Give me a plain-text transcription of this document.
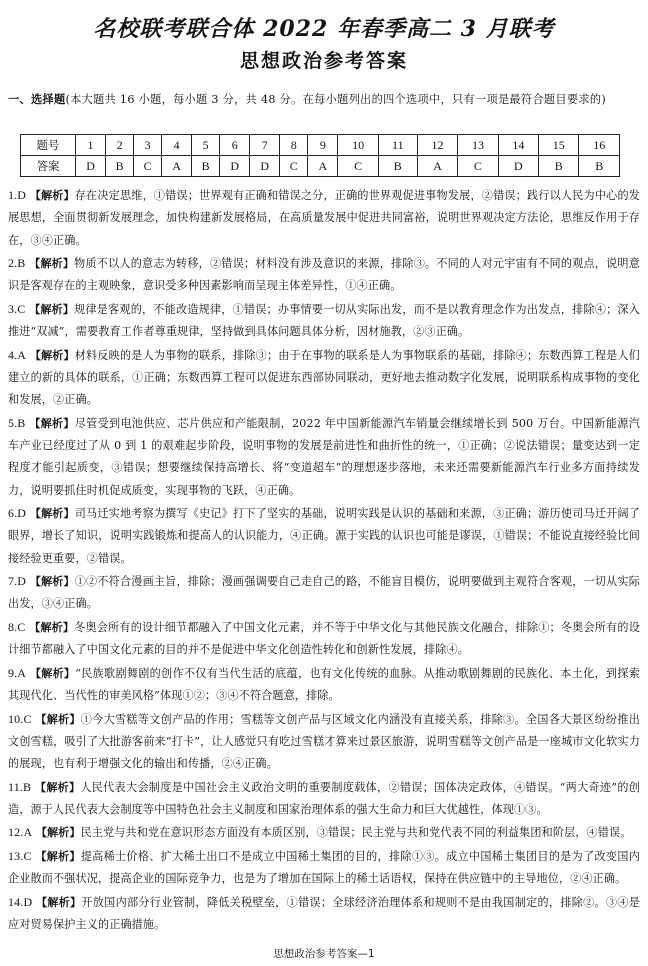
名校联考联合体 2022 年春季高二 3 月联考
思想政治参考答案
一、选择题(本大题共 16 小题，每小题 3 分，共 48 分。在每小题列出的四个选项中，只有一项是最符合题目要求的)
题号	1	2	3	4	5	6	7	8	9	10	11	12	13	14	15	16
答案	D	B	C	A	B	D	D	C	A	C	B	A	C	D	B	B
1.D 【解析】存在决定思维，①错误；世界观有正确和错误之分，正确的世界观促进事物发展，②错误；践行以人民为中心的发展思想，全面贯彻新发展理念，加快构建新发展格局，在高质量发展中促进共同富裕，说明世界观决定方法论，思维反作用于存在，③④正确。
2.B 【解析】物质不以人的意志为转移，②错误；材料没有涉及意识的来源，排除③。不同的人对元宇宙有不同的观点，说明意识是客观存在的主观映象，意识受多种因素影响而呈现主体差异性，①④正确。
3.C 【解析】规律是客观的，不能改造规律，①错误；办事情要一切从实际出发，而不是以教育理念作为出发点，排除④；深入推进“双减”，需要教育工作者尊重规律，坚持做到具体问题具体分析，因材施教，②③正确。
4.A 【解析】材料反映的是人为事物的联系，排除③；由于在事物的联系是人为事物联系的基础，排除④；东数西算工程是人们建立的新的具体的联系，①正确；东数西算工程可以促进东西部协同联动，更好地去推动数字化发展，说明联系构成事物的变化和发展，②正确。
5.B 【解析】尽管受到电池供应、芯片供应和产能限制，2022 年中国新能源汽车销量会继续增长到 500 万台。中国新能源汽车产业已经度过了从 0 到 1 的艰难起步阶段，说明事物的发展是前进性和曲折性的统一，①正确；②说法错误；量变达到一定程度才能引起质变，③错误；想要继续保持高增长、将“变道超车”的理想逐步落地，未来还需要新能源汽车行业多方面持续发力，说明要抓住时机促成质变，实现事物的飞跃，④正确。
6.D 【解析】司马迁实地考察为撰写《史记》打下了坚实的基础，说明实践是认识的基础和来源，③正确；游历使司马迁开阔了眼界，增长了知识，说明实践锻炼和提高人的认识能力，④正确。源于实践的认识也可能是谬误，①错误；不能说直接经验比间接经验更重要，②错误。
7.D 【解析】①②不符合漫画主旨，排除；漫画强调要自己走自己的路，不能盲目模仿，说明要做到主观符合客观，一切从实际出发，③④正确。
8.C 【解析】冬奥会所有的设计细节都融入了中国文化元素，并不等于中华文化与其他民族文化融合，排除①；冬奥会所有的设计细节都融入了中国文化元素的目的并不是促进中华文化创造性转化和创新性发展，排除④。
9.A 【解析】“民族歌剧舞剧的创作不仅有当代生活的底蕴，也有文化传统的血脉。从推动歌剧舞剧的民族化、本土化，到探索其现代化、当代性的审美风格”体现①②；③④不符合题意，排除。
10.C 【解析】①今大雪糕等文创产品的作用；雪糕等文创产品与区域文化内涵没有直接关系，排除③。全国各大景区纷纷推出文创雪糕，吸引了大批游客前来“打卡”，让人感觉只有吃过雪糕才算来过景区旅游，说明雪糕等文创产品是一座城市文化软实力的展现，也有利于增强文化的输出和传播，②④正确。
11.B 【解析】人民代表大会制度是中国社会主义政治文明的重要制度载体，②错误；国体决定政体，④错误。“两大奇迹”的创造，源于人民代表大会制度等中国特色社会主义制度和国家治理体系的强大生命力和巨大优越性，体现①③。
12.A 【解析】民主党与共和党在意识形态方面没有本质区别，③错误；民主党与共和党代表不同的利益集团和阶层，④错误。
13.C 【解析】提高稀土价格、扩大稀土出口不是成立中国稀土集团的目的，排除①③。成立中国稀土集团目的是为了改变国内企业散而不强状况，提高企业的国际竞争力，也是为了增加在国际上的稀土话语权，保持在供应链中的主导地位，②④正确。
14.D 【解析】开放国内部分行业管制，降低关税壁垒，①错误；全球经济治理体系和规则不是由我国制定的，排除②。③④是应对贸易保护主义的正确措施。
思想政治参考答案—1
